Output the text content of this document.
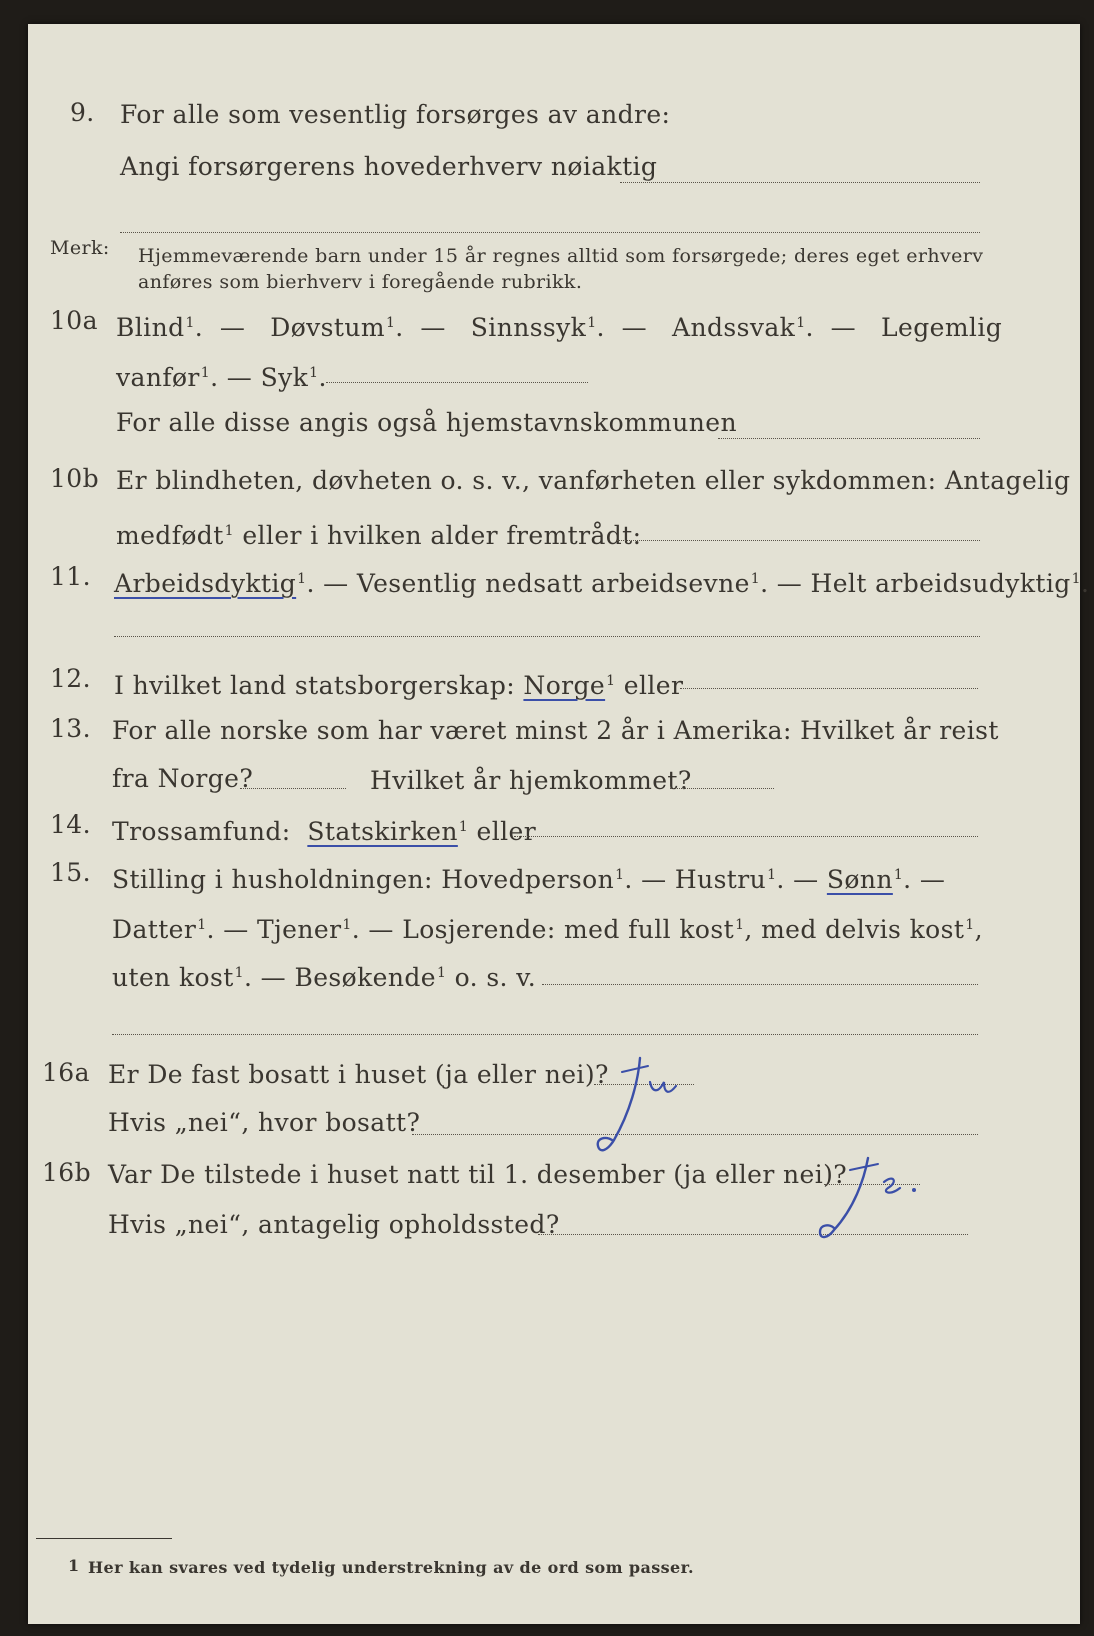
9. For alle som vesentlig forsørges av andre:
Angi forsørgerens hovederhverv nøiaktig
Merk: Hjemmeværende barn under 15 år regnes alltid som forsørgede; deres eget erhverv
anføres som bierhverv i foregående rubrikk.
10a Blind$^1$.  —   Døvstum$^1$.  —   Sinnssyk$^1$.  —   Andssvak$^1$.  —   Legemlig
vanfør$^1$. — Syk$^1$.
For alle disse angis også hjemstavnskommunen
10b Er blindheten, døvheten o. s. v., vanførheten eller sykdommen: Antagelig
medfødt$^1$ eller i hvilken alder fremtrådt:
11. Arbeidsdyktig$^1$. — Vesentlig nedsatt arbeidsevne$^1$. — Helt arbeidsudyktig$^1$.
12. I hvilket land statsborgerskap: Norge$^1$ eller
13. For alle norske som har været minst 2 år i Amerika: Hvilket år reist
fra Norge?	Hvilket år hjemkommet?
14. Trossamfund: Statskirken$^1$ eller
15. Stilling i husholdningen: Hovedperson$^1$. — Hustru$^1$. — Sønn$^1$. —
Datter$^1$. — Tjener$^1$. — Losjerende: med full kost$^1$, med delvis kost$^1$,
uten kost$^1$. — Besøkende$^1$ o. s. v.
16a Er De fast bosatt i huset (ja eller nei)?
Hvis „nei“, hvor bosatt?
16b Var De tilstede i huset natt til 1. desember (ja eller nei)?
Hvis „nei“, antagelig opholdssted?
1 Her kan svares ved tydelig understrekning av de ord som passer.
